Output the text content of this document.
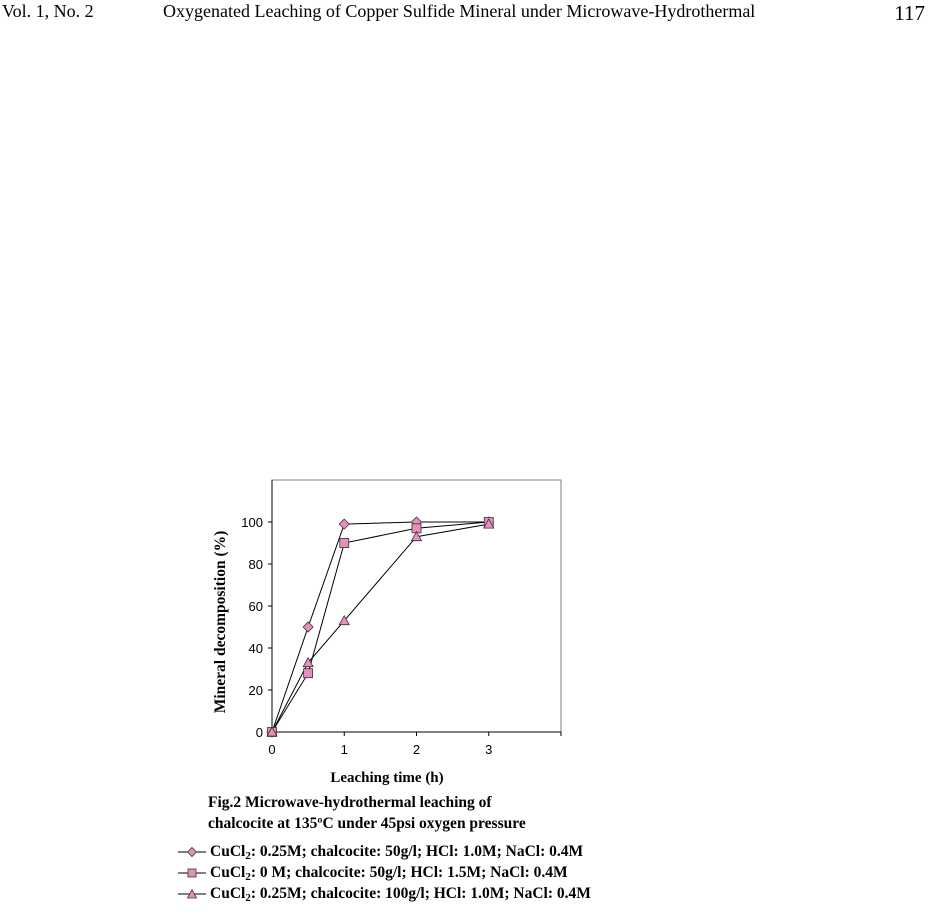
Vol. 1, No. 2	Oxygenated Leaching of Copper Sulfide Mineral under Microwave-Hydrothermal	117
0
20
40
60
80
100
0	1	2	3
Leaching time (h)
Mineral decomposition (%)
Fig.2 Microwave-hydrothermal leaching of
chalcocite at 135ºC under 45psi oxygen pressure
CuCl$_2$: 0.25M; chalcocite: 50g/l; HCl: 1.0M; NaCl: 0.4M
CuCl$_2$: 0 M; chalcocite: 50g/l; HCl: 1.5M; NaCl: 0.4M
CuCl$_2$: 0.25M; chalcocite: 100g/l; HCl: 1.0M; NaCl: 0.4M
